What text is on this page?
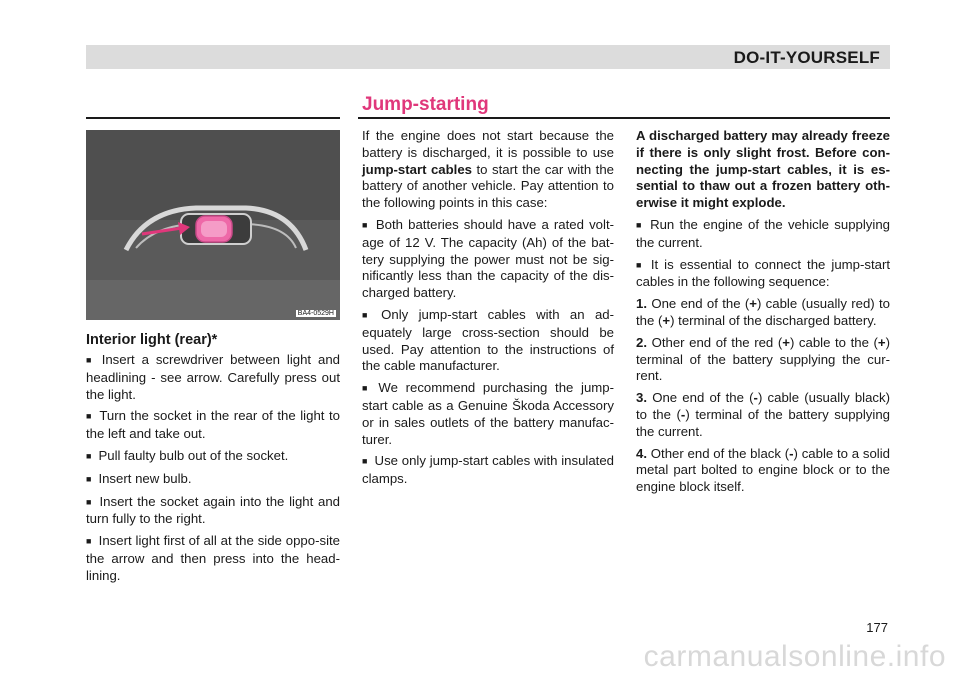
DO-IT-YOURSELF
Jump-starting
BA4-0529H
Interior light (rear)*

■ Insert a screwdriver between light and headlining - see arrow. Carefully press out the light.

■ Turn the socket in the rear of the light to the left and take out.

■ Pull faulty bulb out of the socket.

■ Insert new bulb.

■ Insert the socket again into the light and turn fully to the right.

■ Insert light first of all at the side oppo-site the arrow and then press into the head-lining.

If the engine does not start because the battery is discharged, it is possible to use jump-start cables to start the car with the battery of another vehicle. Pay attention to the following points in this case:

■ Both batteries should have a rated volt-age of 12 V. The capacity (Ah) of the bat-tery supplying the power must not be sig-nificantly less than the capacity of the dis-charged battery.

■ Only jump-start cables with an ad-equately large cross-section should be used. Pay attention to the instructions of the cable manufacturer.

■ We recommend purchasing the jump-start cable as a Genuine Škoda Accessory or in sales outlets of the battery manufac-turer.

■ Use only jump-start cables with insulated clamps.

A discharged battery may already freeze if there is only slight frost. Before con-necting the jump-start cables, it is es-sential to thaw out a frozen battery oth-erwise it might explode.

■ Run the engine of the vehicle supplying the current.

■ It is essential to connect the jump-start cables in the following sequence:

1. One end of the (+) cable (usually red) to the (+) terminal of the discharged battery.

2. Other end of the red (+) cable to the (+) terminal of the battery supplying the cur-rent.

3. One end of the (-) cable (usually black) to the (-) terminal of the battery supplying the current.

4. Other end of the black (-) cable to a solid metal part bolted to engine block or to the engine block itself.

177
carmanualsonline.info
